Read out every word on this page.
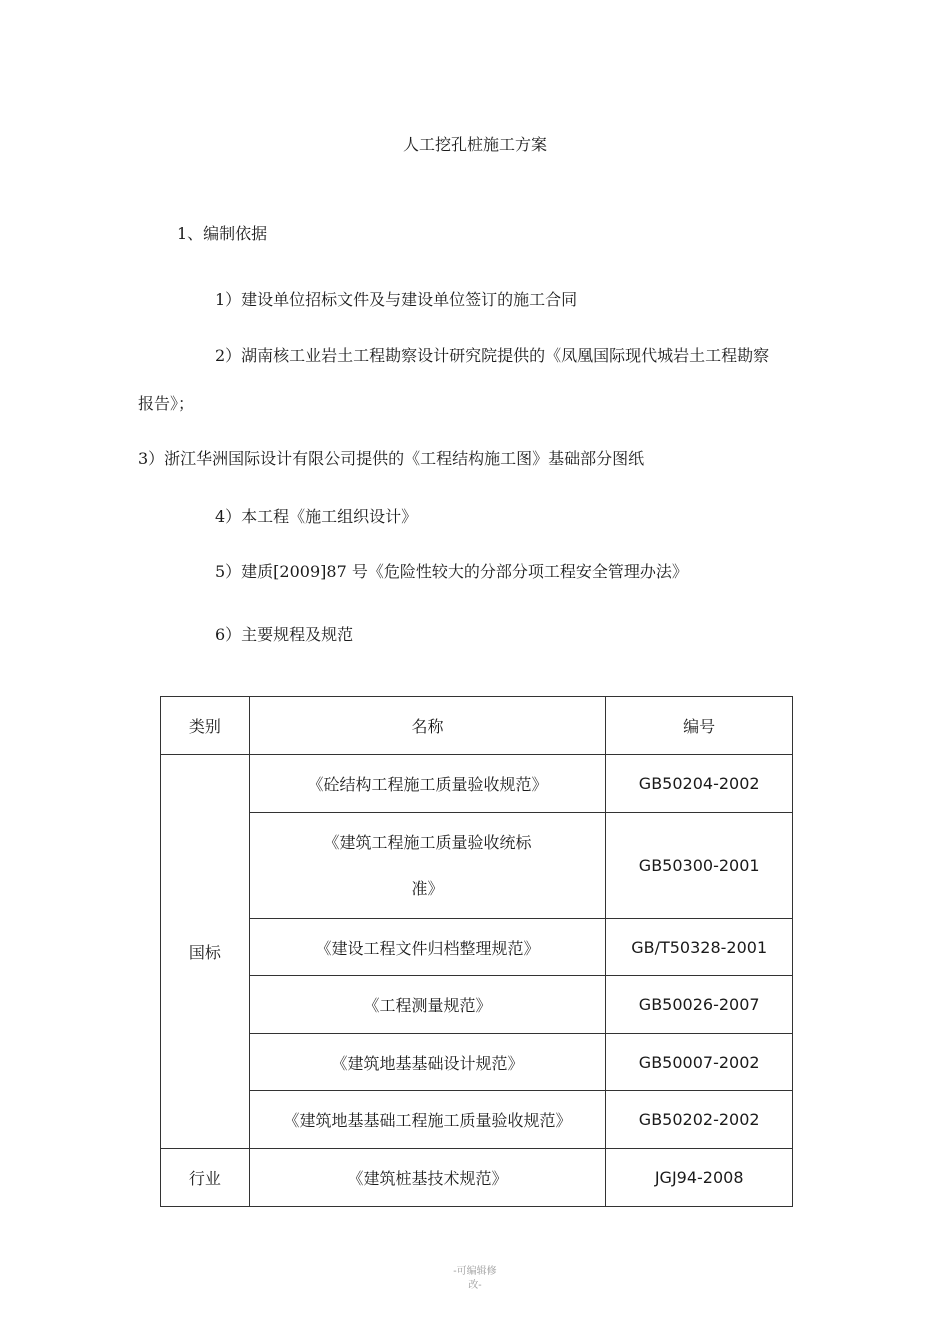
人工挖孔桩施工方案
1、编制依据
1）建设单位招标文件及与建设单位签订的施工合同
2）湖南核工业岩土工程勘察设计研究院提供的《凤凰国际现代城岩土工程勘察
报告》；
3）浙江华洲国际设计有限公司提供的《工程结构施工图》基础部分图纸
4）本工程《施工组织设计》
5）建质[2009]87 号《危险性较大的分部分项工程安全管理办法》
6）主要规程及规范
类别	名称	编号
国标	《砼结构工程施工质量验收规范》	GB50204-2002

	《建筑工程施工质量验收统标
准》	GB50300-2001
	《建设工程文件归档整理规范》	GB/T50328-2001
	《工程测量规范》	GB50026-2007
	《建筑地基基础设计规范》	GB50007-2002
	《建筑地基基础工程施工质量验收规范》	GB50202-2002
行业	《建筑桩基技术规范》	JGJ94-2008
-可编辑修
改-
